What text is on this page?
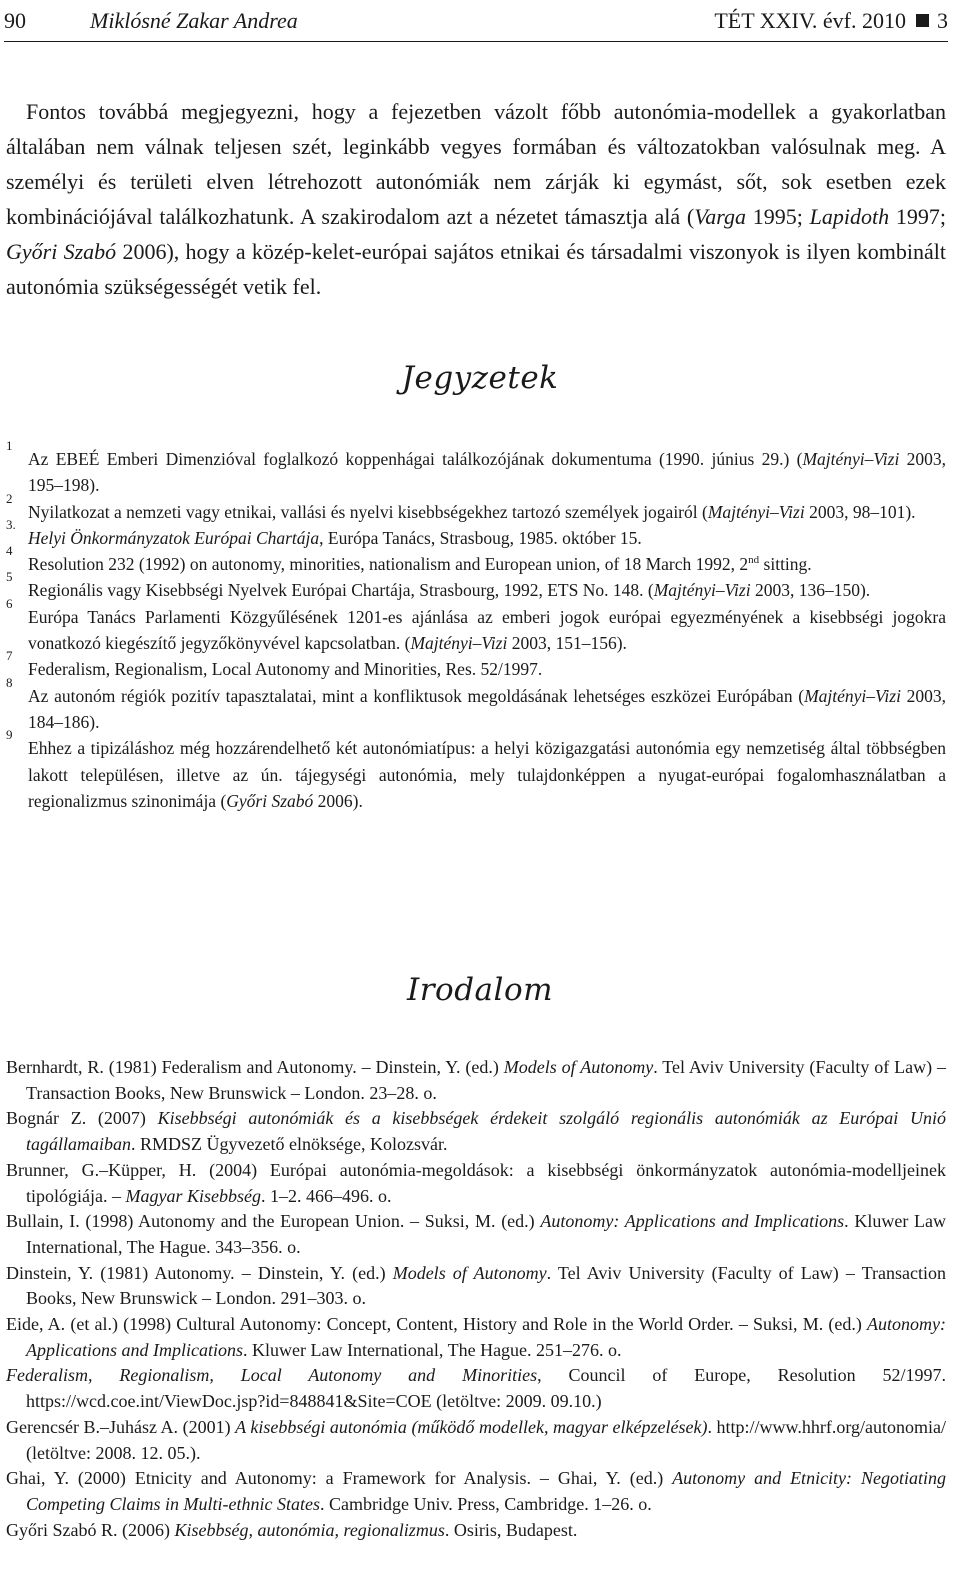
90	Miklósné Zakar Andrea	TÉT XXIV. évf. 2010 3

Fontos továbbá megjegyezni, hogy a fejezetben vázolt főbb autonómia-modellek a gyakorlatban általában nem válnak teljesen szét, leginkább vegyes formában és változatokban valósulnak meg. A személyi és területi elven létrehozott autonómiák nem zárják ki egymást, sőt, sok esetben ezek kombinációjával találkozhatunk. A szakirodalom azt a nézetet támasztja alá (Varga 1995; Lapidoth 1997; Győri Szabó 2006), hogy a közép-kelet-európai sajátos etnikai és társadalmi viszonyok is ilyen kombinált autonómia szükségességét vetik fel.

Jegyzetek
1
Az EBEÉ Emberi Dimenzióval foglalkozó koppenhágai találkozójának dokumentuma (1990. június 29.) (Majtényi–Vizi 2003, 195–198).
2
Nyilatkozat a nemzeti vagy etnikai, vallási és nyelvi kisebbségekhez tartozó személyek jogairól (Majtényi–Vizi 2003, 98–101).
3.
Helyi Önkormányzatok Európai Chartája, Európa Tanács, Strasboug, 1985. október 15.
4
Resolution 232 (1992) on autonomy, minorities, nationalism and European union, of 18 March 1992, 2nd sitting.
5
Regionális vagy Kisebbségi Nyelvek Európai Chartája, Strasbourg, 1992, ETS No. 148. (Majtényi–Vizi 2003, 136–150).
6
Európa Tanács Parlamenti Közgyűlésének 1201-es ajánlása az emberi jogok európai egyezményének a kisebbségi jogokra vonatkozó kiegészítő jegyzőkönyvével kapcsolatban. (Majtényi–Vizi 2003, 151–156).
7
Federalism, Regionalism, Local Autonomy and Minorities, Res. 52/1997.
8
Az autonóm régiók pozitív tapasztalatai, mint a konfliktusok megoldásának lehetséges eszközei Európában (Majtényi–Vizi 2003, 184–186).
9
Ehhez a tipizáláshoz még hozzárendelhető két autonómiatípus: a helyi közigazgatási autonómia egy nemzetiség által többségben lakott településen, illetve az ún. tájegységi autonómia, mely tulajdonképpen a nyugat-európai fogalomhasználatban a regionalizmus szinonimája (Győri Szabó 2006).
Irodalom
Bernhardt, R. (1981) Federalism and Autonomy. – Dinstein, Y. (ed.) Models of Autonomy. Tel Aviv University (Faculty of Law) – Transaction Books, New Brunswick – London. 23–28. o.
Bognár Z. (2007) Kisebbségi autonómiák és a kisebbségek érdekeit szolgáló regionális autonómiák az Európai Unió tagállamaiban. RMDSZ Ügyvezető elnöksége, Kolozsvár.
Brunner, G.–Küpper, H. (2004) Európai autonómia-megoldások: a kisebbségi önkormányzatok autonómia-modelljeinek tipológiája. – Magyar Kisebbség. 1–2. 466–496. o.
Bullain, I. (1998) Autonomy and the European Union. – Suksi, M. (ed.) Autonomy: Applications and Implications. Kluwer Law International, The Hague. 343–356. o.
Dinstein, Y. (1981) Autonomy. – Dinstein, Y. (ed.) Models of Autonomy. Tel Aviv University (Faculty of Law) – Transaction Books, New Brunswick – London. 291–303. o.
Eide, A. (et al.) (1998) Cultural Autonomy: Concept, Content, History and Role in the World Order. – Suksi, M. (ed.) Autonomy: Applications and Implications. Kluwer Law International, The Hague. 251–276. o.
Federalism, Regionalism, Local Autonomy and Minorities, Council of Europe, Resolution 52/1997. https://wcd.coe.int/ViewDoc.jsp?id=848841&Site=COE (letöltve: 2009. 09.10.)
Gerencsér B.–Juhász A. (2001) A kisebbségi autonómia (működő modellek, magyar elképzelések). http://www.hhrf.org/autonomia/ (letöltve: 2008. 12. 05.).
Ghai, Y. (2000) Etnicity and Autonomy: a Framework for Analysis. – Ghai, Y. (ed.) Autonomy and Etnicity: Negotiating Competing Claims in Multi-ethnic States. Cambridge Univ. Press, Cambridge. 1–26. o.
Győri Szabó R. (2006) Kisebbség, autonómia, regionalizmus. Osiris, Budapest.
